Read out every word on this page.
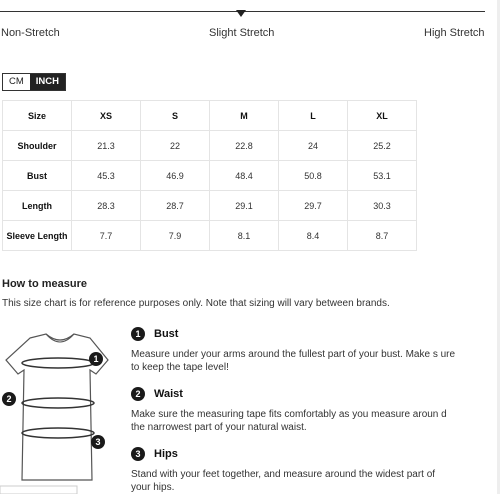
Non-Stretch	Slight Stretch	High Stretch
CM	INCH
Size	XS	S	M	L	XL
Shoulder	21.3	22	22.8	24	25.2
Bust	45.3	46.9	48.4	50.8	53.1
Length	28.3	28.7	29.1	29.7	30.3
Sleeve Length	7.7	7.9	8.1	8.4	8.7
How to measure
This size chart is for reference purposes only. Note that sizing will vary between brands.
1
2
3
1	Bust
Measure under your arms around the fullest part of your bust. Make s ure to keep the tape level!
2	Waist
Make sure the measuring tape fits comfortably as you measure aroun d the narrowest part of your natural waist.
3	Hips
Stand with your feet together, and measure around the widest part of your hips.
